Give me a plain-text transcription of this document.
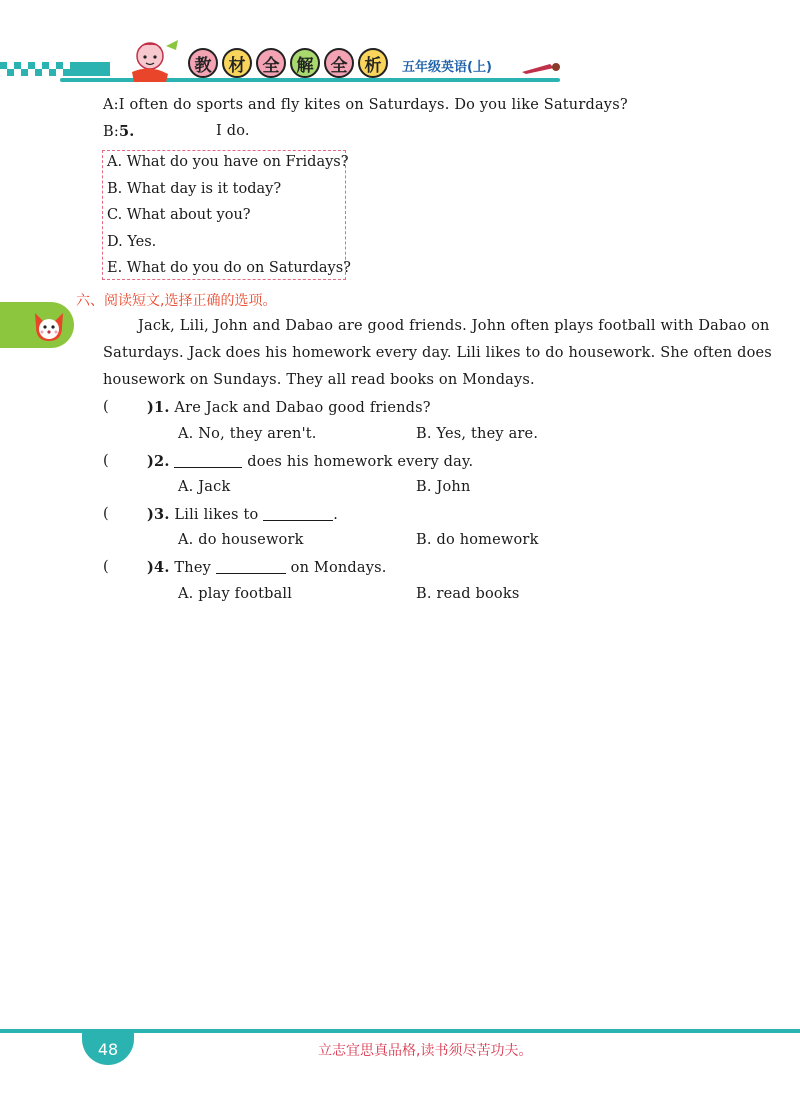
教	材	全	解	全	析	五年级英语(上)
A:I often do sports and fly kites on Saturdays. Do you like Saturdays?
B:5.	I do.
A. What do you have on Fridays?
B. What day is it today?
C. What about you?
D. Yes.
E. What do you do on Saturdays?
六、阅读短文,选择正确的选项。
Jack, Lili, John and Dabao are good friends. John often plays football with Dabao on
Saturdays. Jack does his homework every day. Lili likes to do housework. She often does
housework on Sundays. They all read books on Mondays.
(	)1. Are Jack and Dabao good friends?
A. No, they aren't.	B. Yes, they are.
(	)2.	does his homework every day.
A. Jack	B. John
(	)3. Lili likes to	.
A. do housework	B. do homework
(	)4. They	on Mondays.
A. play football	B. read books
48	立志宜思真品格,读书须尽苦功夫。
